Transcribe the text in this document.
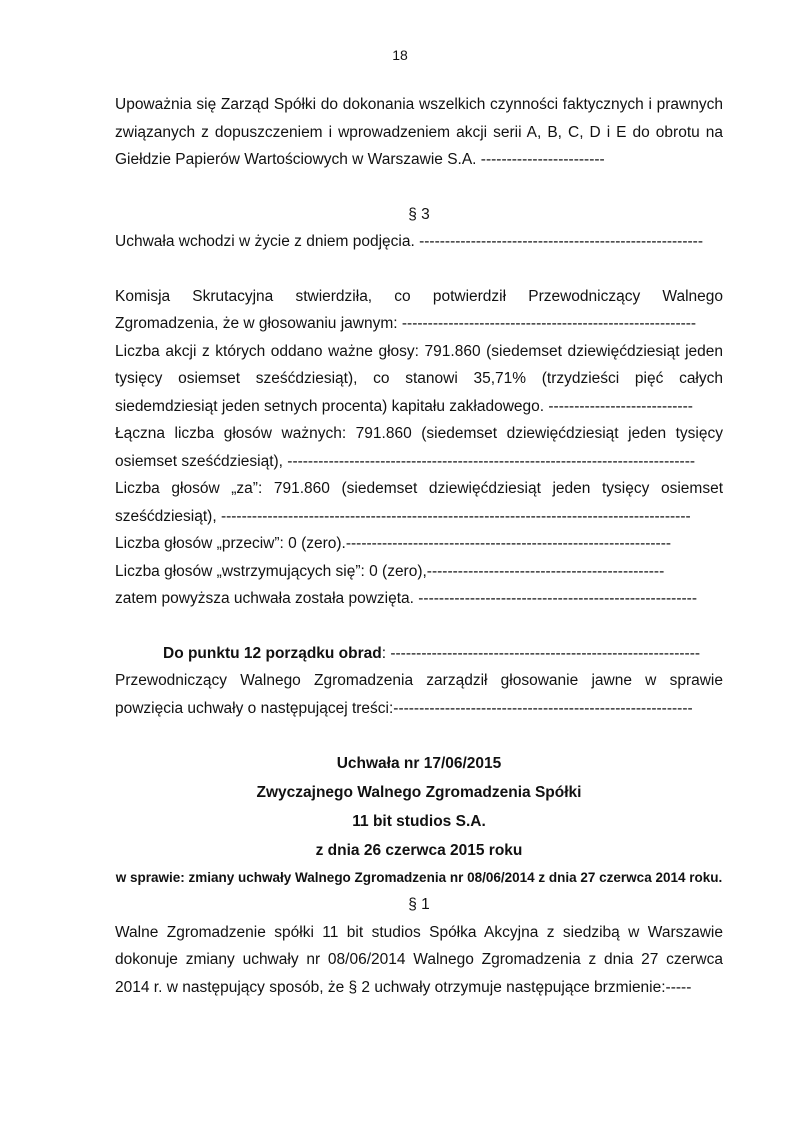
18

Upoważnia się Zarząd Spółki do dokonania wszelkich czynności faktycznych i prawnych związanych z dopuszczeniem i wprowadzeniem akcji serii A, B, C, D i E do obrotu na Giełdzie Papierów Wartościowych w Warszawie S.A. ------------------------

§ 3

Uchwała wchodzi w życie z dniem podjęcia. -------------------------------------------------------

Komisja Skrutacyjna stwierdziła, co potwierdził Przewodniczący Walnego Zgromadzenia, że w głosowaniu jawnym: ---------------------------------------------------------

Liczba akcji z których oddano ważne głosy: 791.860 (siedemset dziewięćdziesiąt jeden tysięcy osiemset sześćdziesiąt), co stanowi 35,71% (trzydzieści pięć całych siedemdziesiąt jeden setnych procenta) kapitału zakładowego. ----------------------------

Łączna liczba głosów ważnych: 791.860 (siedemset dziewięćdziesiąt jeden tysięcy osiemset sześćdziesiąt), -------------------------------------------------------------------------------

Liczba głosów „za”: 791.860 (siedemset dziewięćdziesiąt jeden tysięcy osiemset sześćdziesiąt), -------------------------------------------------------------------------------------------

Liczba głosów „przeciw”: 0 (zero).---------------------------------------------------------------

Liczba głosów „wstrzymujących się”: 0 (zero),----------------------------------------------

zatem powyższa uchwała została powzięta. ------------------------------------------------------

Do punktu 12 porządku obrad: ------------------------------------------------------------

Przewodniczący Walnego Zgromadzenia zarządził głosowanie jawne w sprawie powzięcia uchwały o następującej treści:----------------------------------------------------------

Uchwała nr 17/06/2015
Zwyczajnego Walnego Zgromadzenia Spółki
11 bit studios S.A.
z dnia 26 czerwca 2015 roku
w sprawie: zmiany uchwały Walnego Zgromadzenia nr 08/06/2014 z dnia 27 czerwca 2014 roku.

§ 1

Walne Zgromadzenie spółki 11 bit studios Spółka Akcyjna z siedzibą w Warszawie dokonuje zmiany uchwały nr 08/06/2014 Walnego Zgromadzenia z dnia 27 czerwca 2014 r. w następujący sposób, że § 2 uchwały otrzymuje następujące brzmienie:-----
